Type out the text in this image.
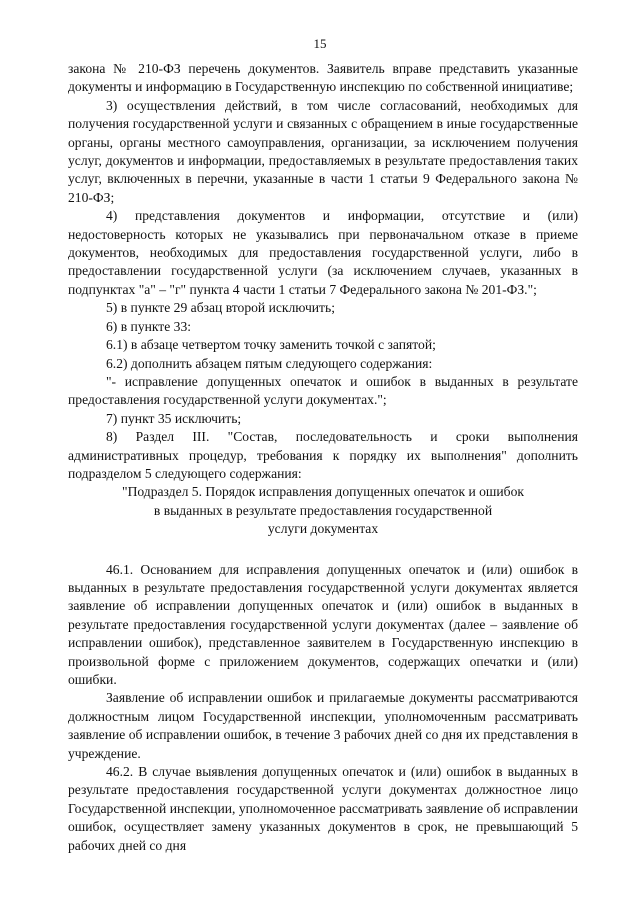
15

закона № 210-ФЗ перечень документов. Заявитель вправе представить указанные документы и информацию в Государственную инспекцию по собственной инициативе;

3) осуществления действий, в том числе согласований, необходимых для получения государственной услуги и связанных с обращением в иные государственные органы, органы местного самоуправления, организации, за исключением получения услуг, документов и информации, предоставляемых в результате предоставления таких услуг, включенных в перечни, указанные в части 1 статьи 9 Федерального закона № 210-ФЗ;

4) представления документов и информации, отсутствие и (или) недостоверность которых не указывались при первоначальном отказе в приеме документов, необходимых для предоставления государственной услуги, либо в предоставлении государственной услуги (за исключением случаев, указанных в подпунктах "а" – "г" пункта 4 части 1 статьи 7 Федерального закона № 201-ФЗ.";

5) в пункте 29 абзац второй исключить;

6) в пункте 33:

6.1) в абзаце четвертом точку заменить точкой с запятой;

6.2) дополнить абзацем пятым следующего содержания:

"- исправление допущенных опечаток и ошибок в выданных в результате предоставления государственной услуги документах.";

7) пункт 35 исключить;

8) Раздел III. "Состав, последовательность и сроки выполнения административных процедур, требования к порядку их выполнения" дополнить подразделом 5 следующего содержания:

"Подраздел 5. Порядок исправления допущенных опечаток и ошибок

в выданных в результате предоставления государственной

услуги документах

46.1. Основанием для исправления допущенных опечаток и (или) ошибок в выданных в результате предоставления государственной услуги документах является заявление об исправлении допущенных опечаток и (или) ошибок в выданных в результате предоставления государственной услуги документах (далее – заявление об исправлении ошибок), представленное заявителем в Государственную инспекцию в произвольной форме с приложением документов, содержащих опечатки и (или) ошибки.

Заявление об исправлении ошибок и прилагаемые документы рассматриваются должностным лицом Государственной инспекции, уполномоченным рассматривать заявление об исправлении ошибок, в течение 3 рабочих дней со дня их представления в учреждение.

46.2. В случае выявления допущенных опечаток и (или) ошибок в выданных в результате предоставления государственной услуги документах должностное лицо Государственной инспекции, уполномоченное рассматривать заявление об исправлении ошибок, осуществляет замену указанных документов в срок, не превышающий 5 рабочих дней со дня
